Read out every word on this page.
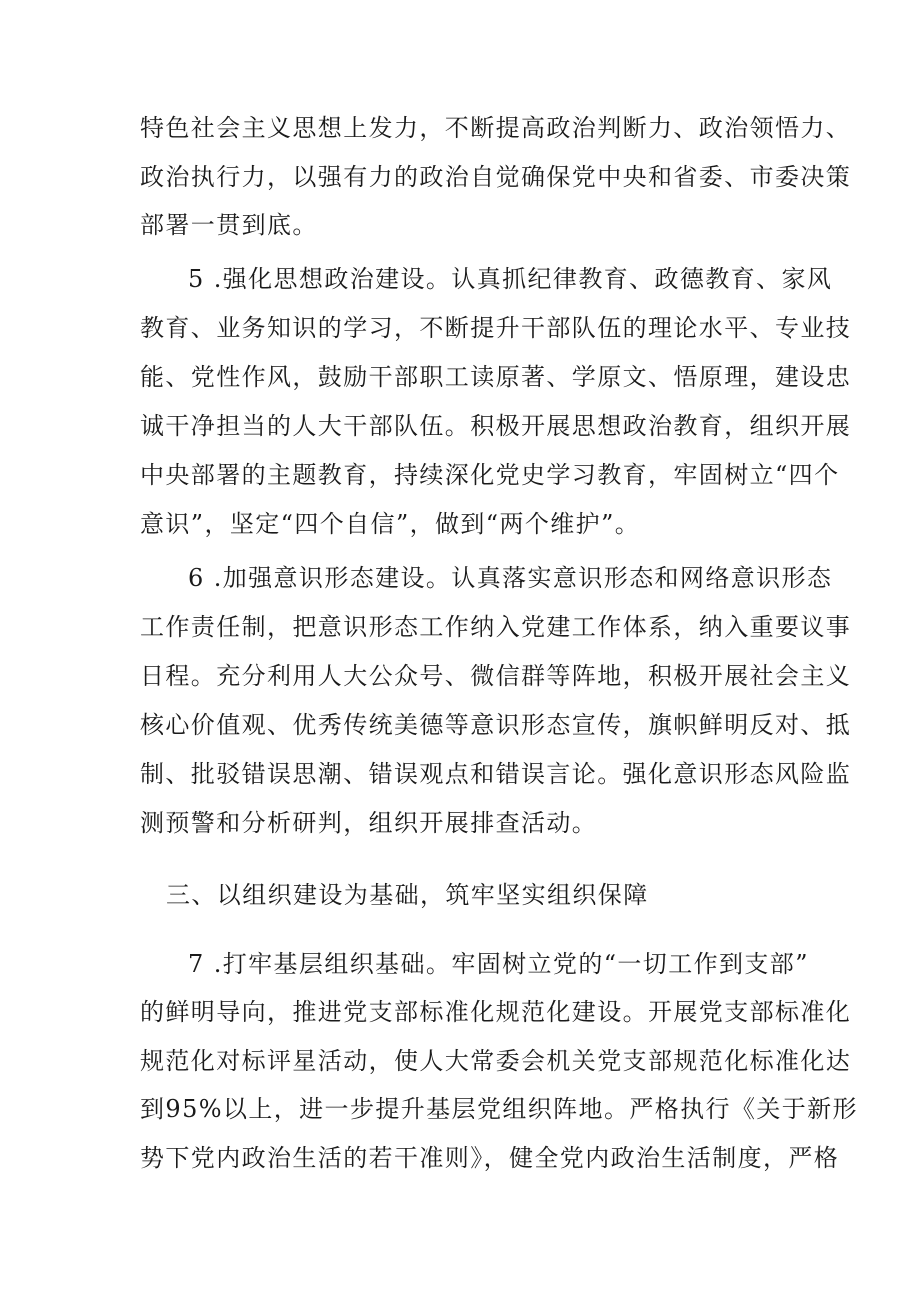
特色社会主义思想上发力，不断提高政治判断力、政治领悟力、
政治执行力，以强有力的政治自觉确保党中央和省委、市委决策
部署一贯到底。
5 .强化思想政治建设。认真抓纪律教育、政德教育、家风
教育、业务知识的学习，不断提升干部队伍的理论水平、专业技
能、党性作风，鼓励干部职工读原著、学原文、悟原理，建设忠
诚干净担当的人大干部队伍。积极开展思想政治教育，组织开展
中央部署的主题教育，持续深化党史学习教育，牢固树立“四个
意识”，坚定“四个自信”，做到“两个维护”。
6 .加强意识形态建设。认真落实意识形态和网络意识形态
工作责任制，把意识形态工作纳入党建工作体系，纳入重要议事
日程。充分利用人大公众号、微信群等阵地，积极开展社会主义
核心价值观、优秀传统美德等意识形态宣传，旗帜鲜明反对、抵
制、批驳错误思潮、错误观点和错误言论。强化意识形态风险监
测预警和分析研判，组织开展排查活动。
三、以组织建设为基础，筑牢坚实组织保障
7 .打牢基层组织基础。牢固树立党的“一切工作到支部”
的鲜明导向，推进党支部标准化规范化建设。开展党支部标准化
规范化对标评星活动，使人大常委会机关党支部规范化标准化达
到95%以上，进一步提升基层党组织阵地。严格执行《关于新形
势下党内政治生活的若干准则》，健全党内政治生活制度，严格
